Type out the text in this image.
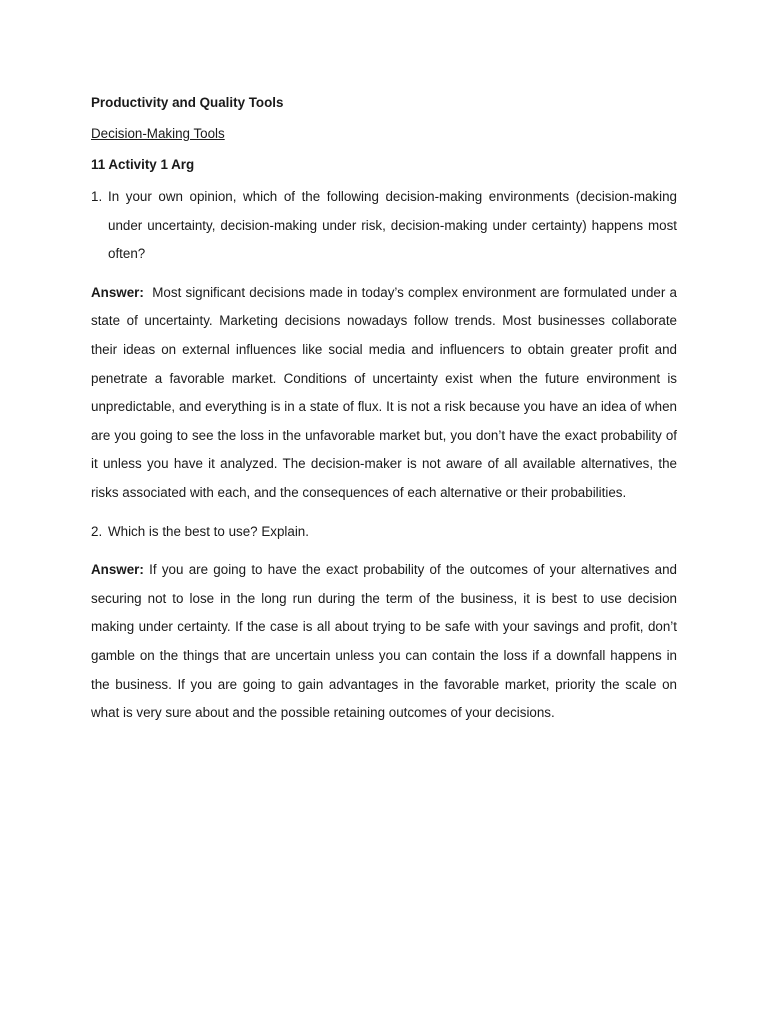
Productivity and Quality Tools

Decision-Making Tools

11 Activity 1 Arg

1. In your own opinion, which of the following decision-making environments (decision-making under uncertainty, decision-making under risk, decision-making under certainty) happens most often?

Answer: Most significant decisions made in today’s complex environment are formulated under a state of uncertainty. Marketing decisions nowadays follow trends. Most businesses collaborate their ideas on external influences like social media and influencers to obtain greater profit and penetrate a favorable market. Conditions of uncertainty exist when the future environment is unpredictable, and everything is in a state of flux. It is not a risk because you have an idea of when are you going to see the loss in the unfavorable market but, you don’t have the exact probability of it unless you have it analyzed. The decision-maker is not aware of all available alternatives, the risks associated with each, and the consequences of each alternative or their probabilities.

2. Which is the best to use? Explain.

Answer: If you are going to have the exact probability of the outcomes of your alternatives and securing not to lose in the long run during the term of the business, it is best to use decision making under certainty. If the case is all about trying to be safe with your savings and profit, don’t gamble on the things that are uncertain unless you can contain the loss if a downfall happens in the business. If you are going to gain advantages in the favorable market, priority the scale on what is very sure about and the possible retaining outcomes of your decisions.
